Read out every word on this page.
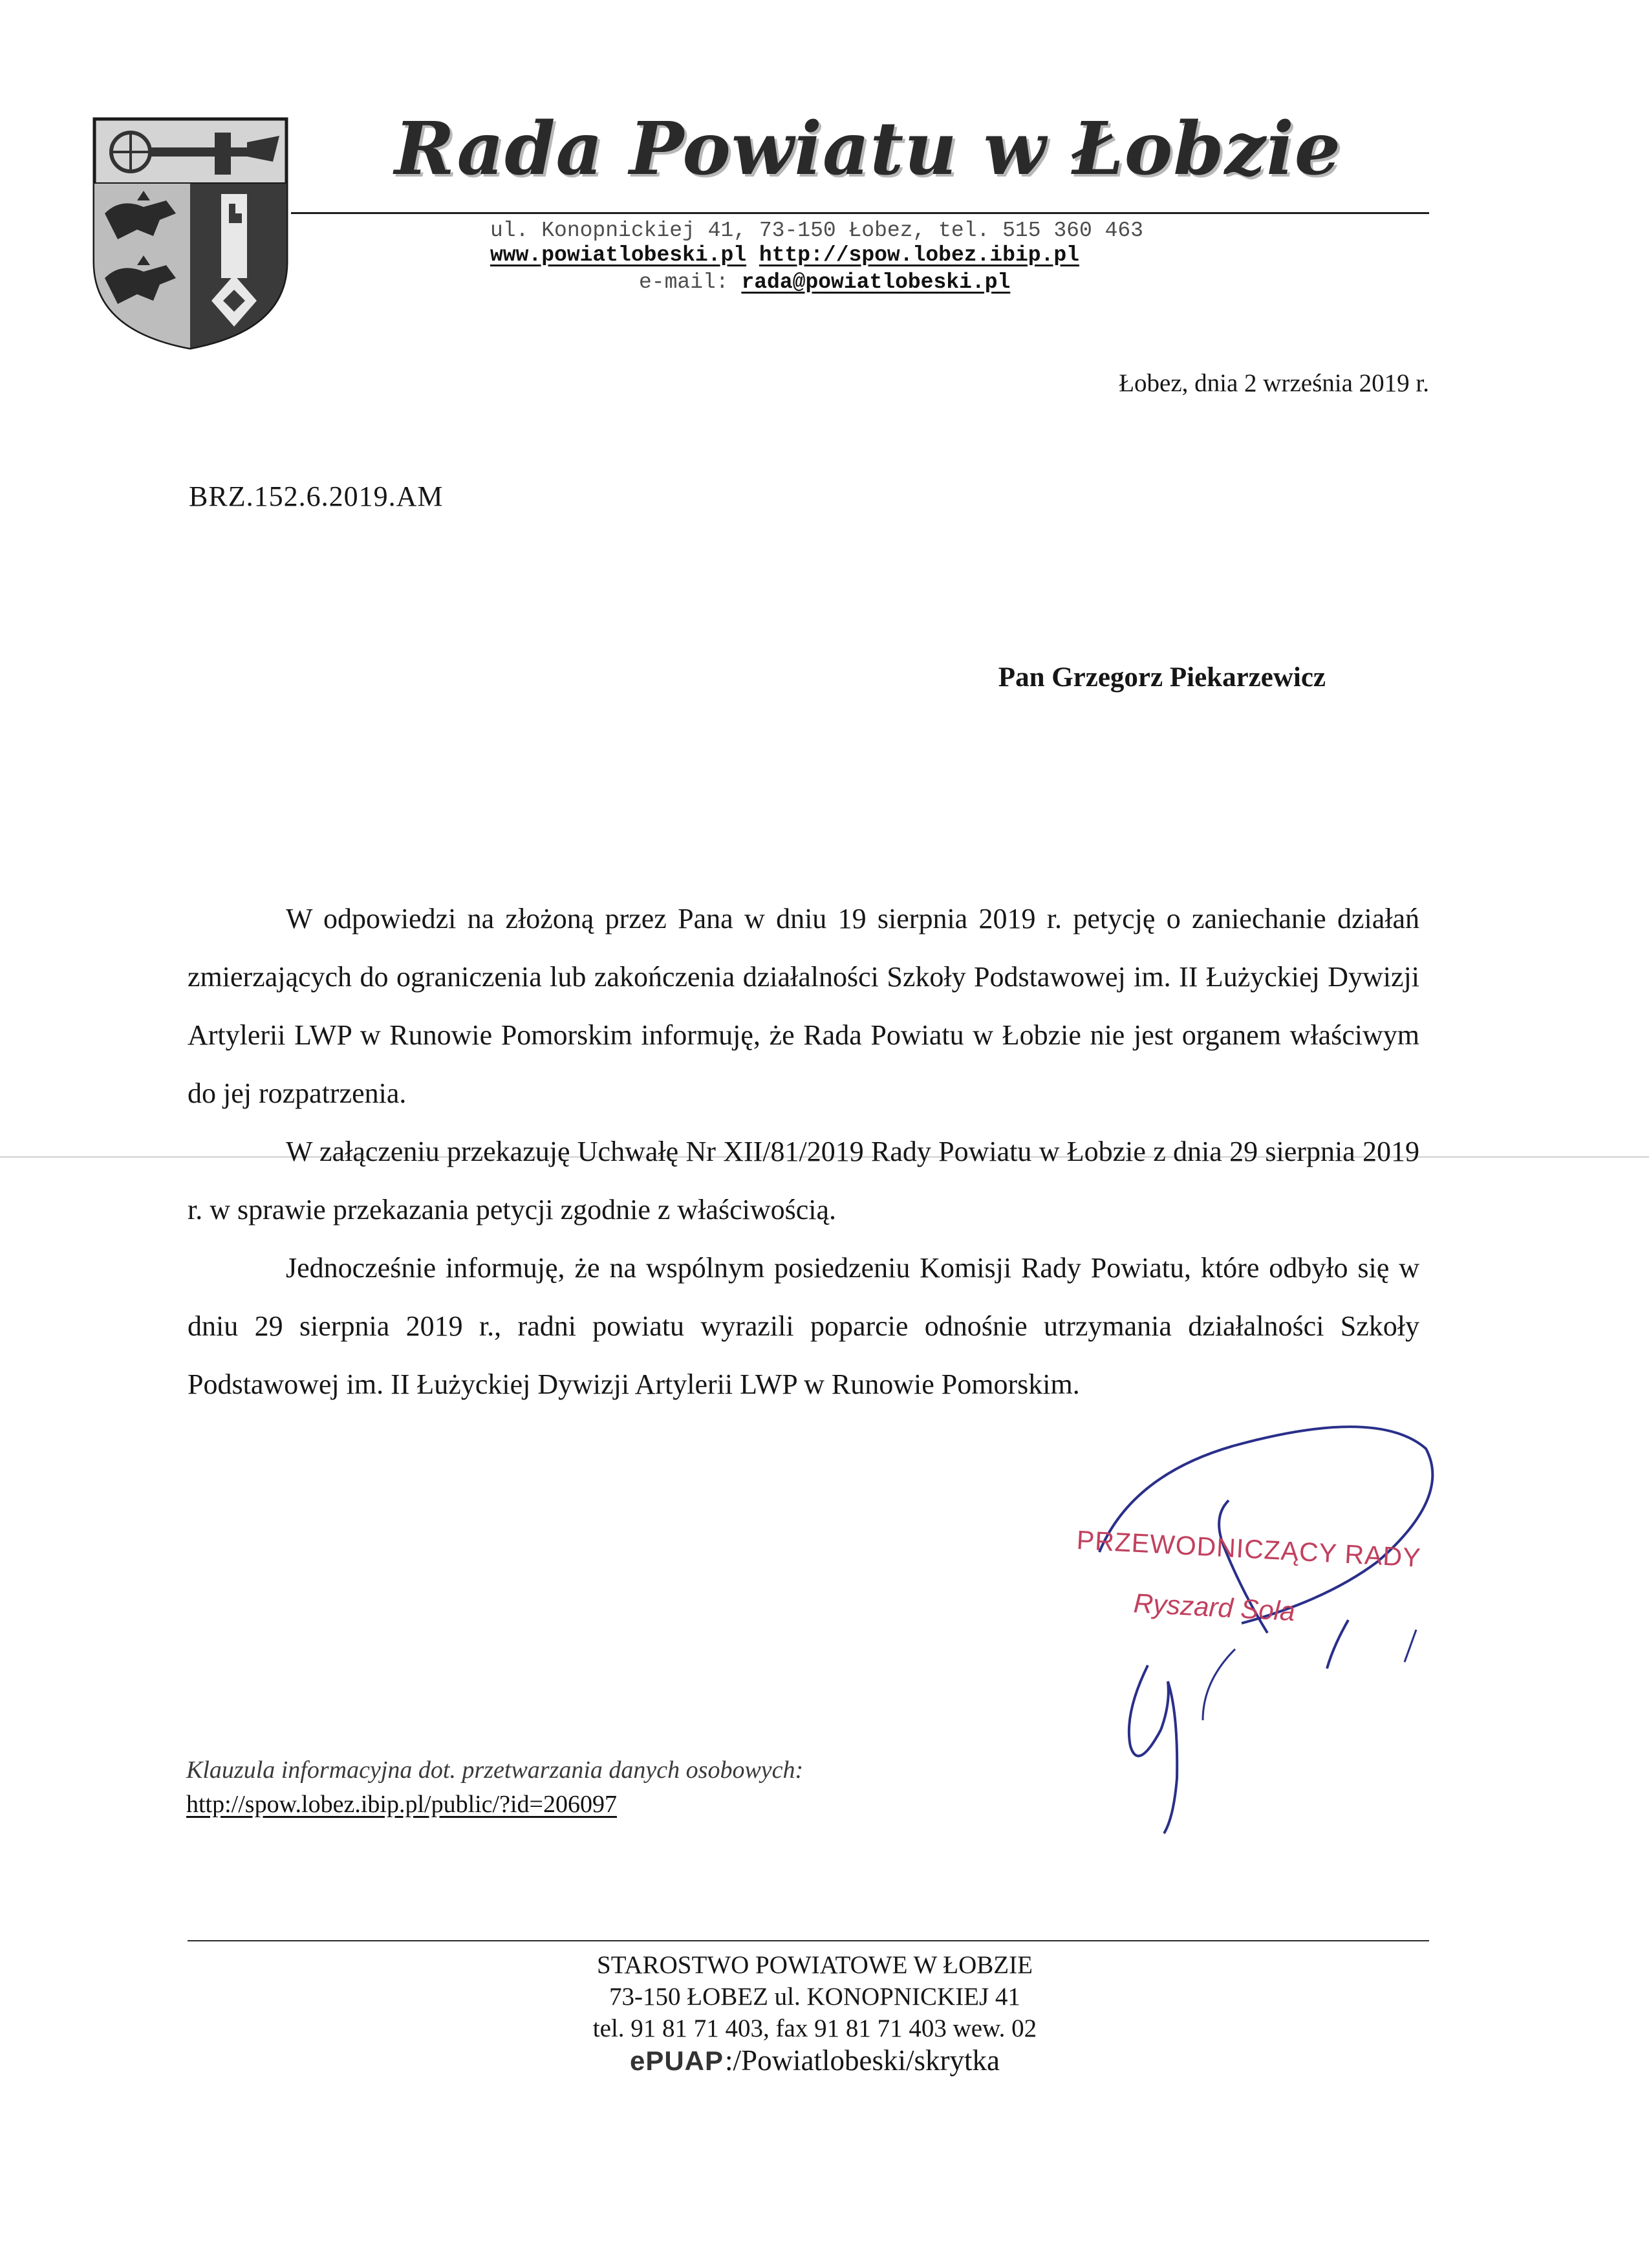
Rada Powiatu w Łobzie
ul. Konopnickiej 41, 73-150 Łobez, tel. 515 360 463
www.powiatlobeski.pl http://spow.lobez.ibip.pl
e-mail: rada@powiatlobeski.pl
Łobez, dnia 2 września 2019 r.
BRZ.152.6.2019.AM
Pan Grzegorz Piekarzewicz

W odpowiedzi na złożoną przez Pana w dniu 19 sierpnia 2019 r. petycję o zaniechanie działań zmierzających do ograniczenia lub zakończenia działalności Szkoły Podstawowej im. II Łużyckiej Dywizji Artylerii LWP w Runowie Pomorskim informuję, że Rada Powiatu w Łobzie nie jest organem właściwym do jej rozpatrzenia.

W załączeniu przekazuję Uchwałę Nr XII/81/2019 Rady Powiatu w Łobzie z dnia 29 sierpnia 2019 r. w sprawie przekazania petycji zgodnie z właściwością.

Jednocześnie informuję, że na wspólnym posiedzeniu Komisji Rady Powiatu, które odbyło się w dniu 29 sierpnia 2019 r., radni powiatu wyrazili poparcie odnośnie utrzymania działalności Szkoły Podstawowej im. II Łużyckiej Dywizji Artylerii LWP w Runowie Pomorskim.

PRZEWODNICZĄCY RADY
Ryszard Sola
Klauzula informacyjna dot. przetwarzania danych osobowych:
http://spow.lobez.ibip.pl/public/?id=206097
STAROSTWO POWIATOWE W ŁOBZIE
73-150 ŁOBEZ ul. KONOPNICKIEJ 41
tel. 91 81 71 403, fax 91 81 71 403 wew. 02
ePUAP:/Powiatlobeski/skrytka
